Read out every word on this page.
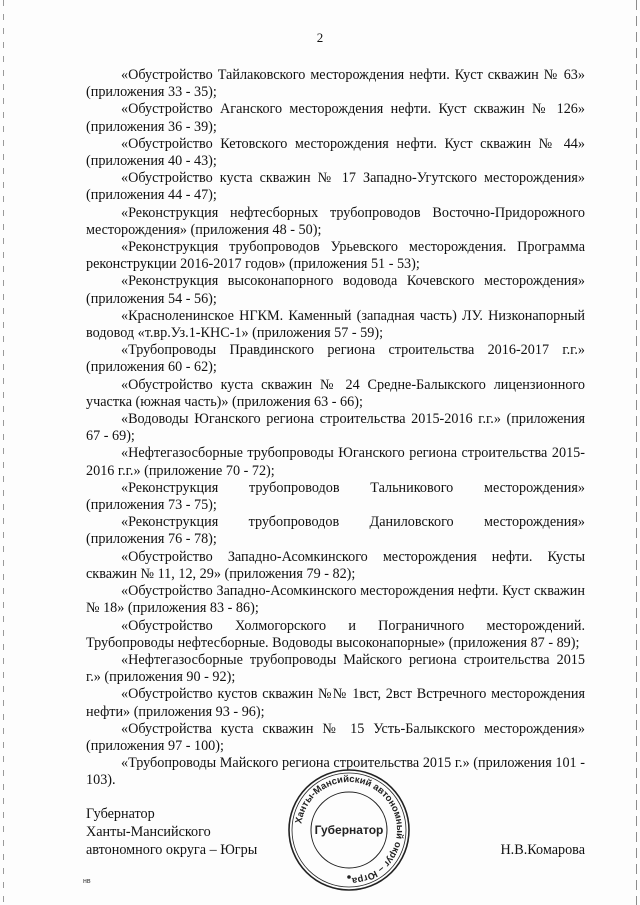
2

«Обустройство Тайлаковского месторождения нефти. Куст скважин № 63» (приложения 33 - 35);

«Обустройство Аганского месторождения нефти. Куст скважин № 126» (приложения 36 - 39);

«Обустройство Кетовского месторождения нефти. Куст скважин № 44» (приложения 40 - 43);

«Обустройство куста скважин № 17 Западно-Угутского месторождения» (приложения 44 - 47);

«Реконструкция нефтесборных трубопроводов Восточно-Придорожного месторождения» (приложения 48 - 50);

«Реконструкция трубопроводов Урьевского месторождения. Программа реконструкции 2016-2017 годов» (приложения 51 - 53);

«Реконструкция высоконапорного водовода Кочевского месторождения» (приложения 54 - 56);

«Красноленинское НГКМ. Каменный (западная часть) ЛУ. Низконапорный водовод «т.вр.Уз.1-КНС-1» (приложения 57 - 59);

«Трубопроводы Правдинского региона строительства 2016-2017 г.г.» (приложения 60 - 62);

«Обустройство куста скважин № 24 Средне-Балыкского лицензионного участка (южная часть)» (приложения 63 - 66);

«Водоводы Юганского региона строительства 2015-2016 г.г.» (приложения 67 - 69);

«Нефтегазосборные трубопроводы Юганского региона строительства 2015-2016 г.г.» (приложение 70 - 72);

«Реконструкция трубопроводов Тальникового месторождения» (приложения 73 - 75);

«Реконструкция трубопроводов Даниловского месторождения» (приложения 76 - 78);

«Обустройство Западно-Асомкинского месторождения нефти. Кусты скважин № 11, 12, 29» (приложения 79 - 82);

«Обустройство Западно-Асомкинского месторождения нефти. Куст скважин № 18» (приложения 83 - 86);

«Обустройство Холмогорского и Пограничного месторождений. Трубопроводы нефтесборные. Водоводы высоконапорные» (приложения 87 - 89);

«Нефтегазосборные трубопроводы Майского региона строительства 2015 г.» (приложения 90 - 92);

«Обустройство кустов скважин №№ 1вст, 2вст Встречного месторождения нефти» (приложения 93 - 96);

«Обустройства куста скважин № 15 Усть-Балыкского месторождения» (приложения 97 - 100);

«Трубопроводы Майского региона строительства 2015 г.» (приложения 101 - 103).

Ханты-Мансийский автономный округ – Югра
Губернатор
Губернатор
Ханты-Мансийского
автономного округа – Югры	Н.В.Комарова
нв
